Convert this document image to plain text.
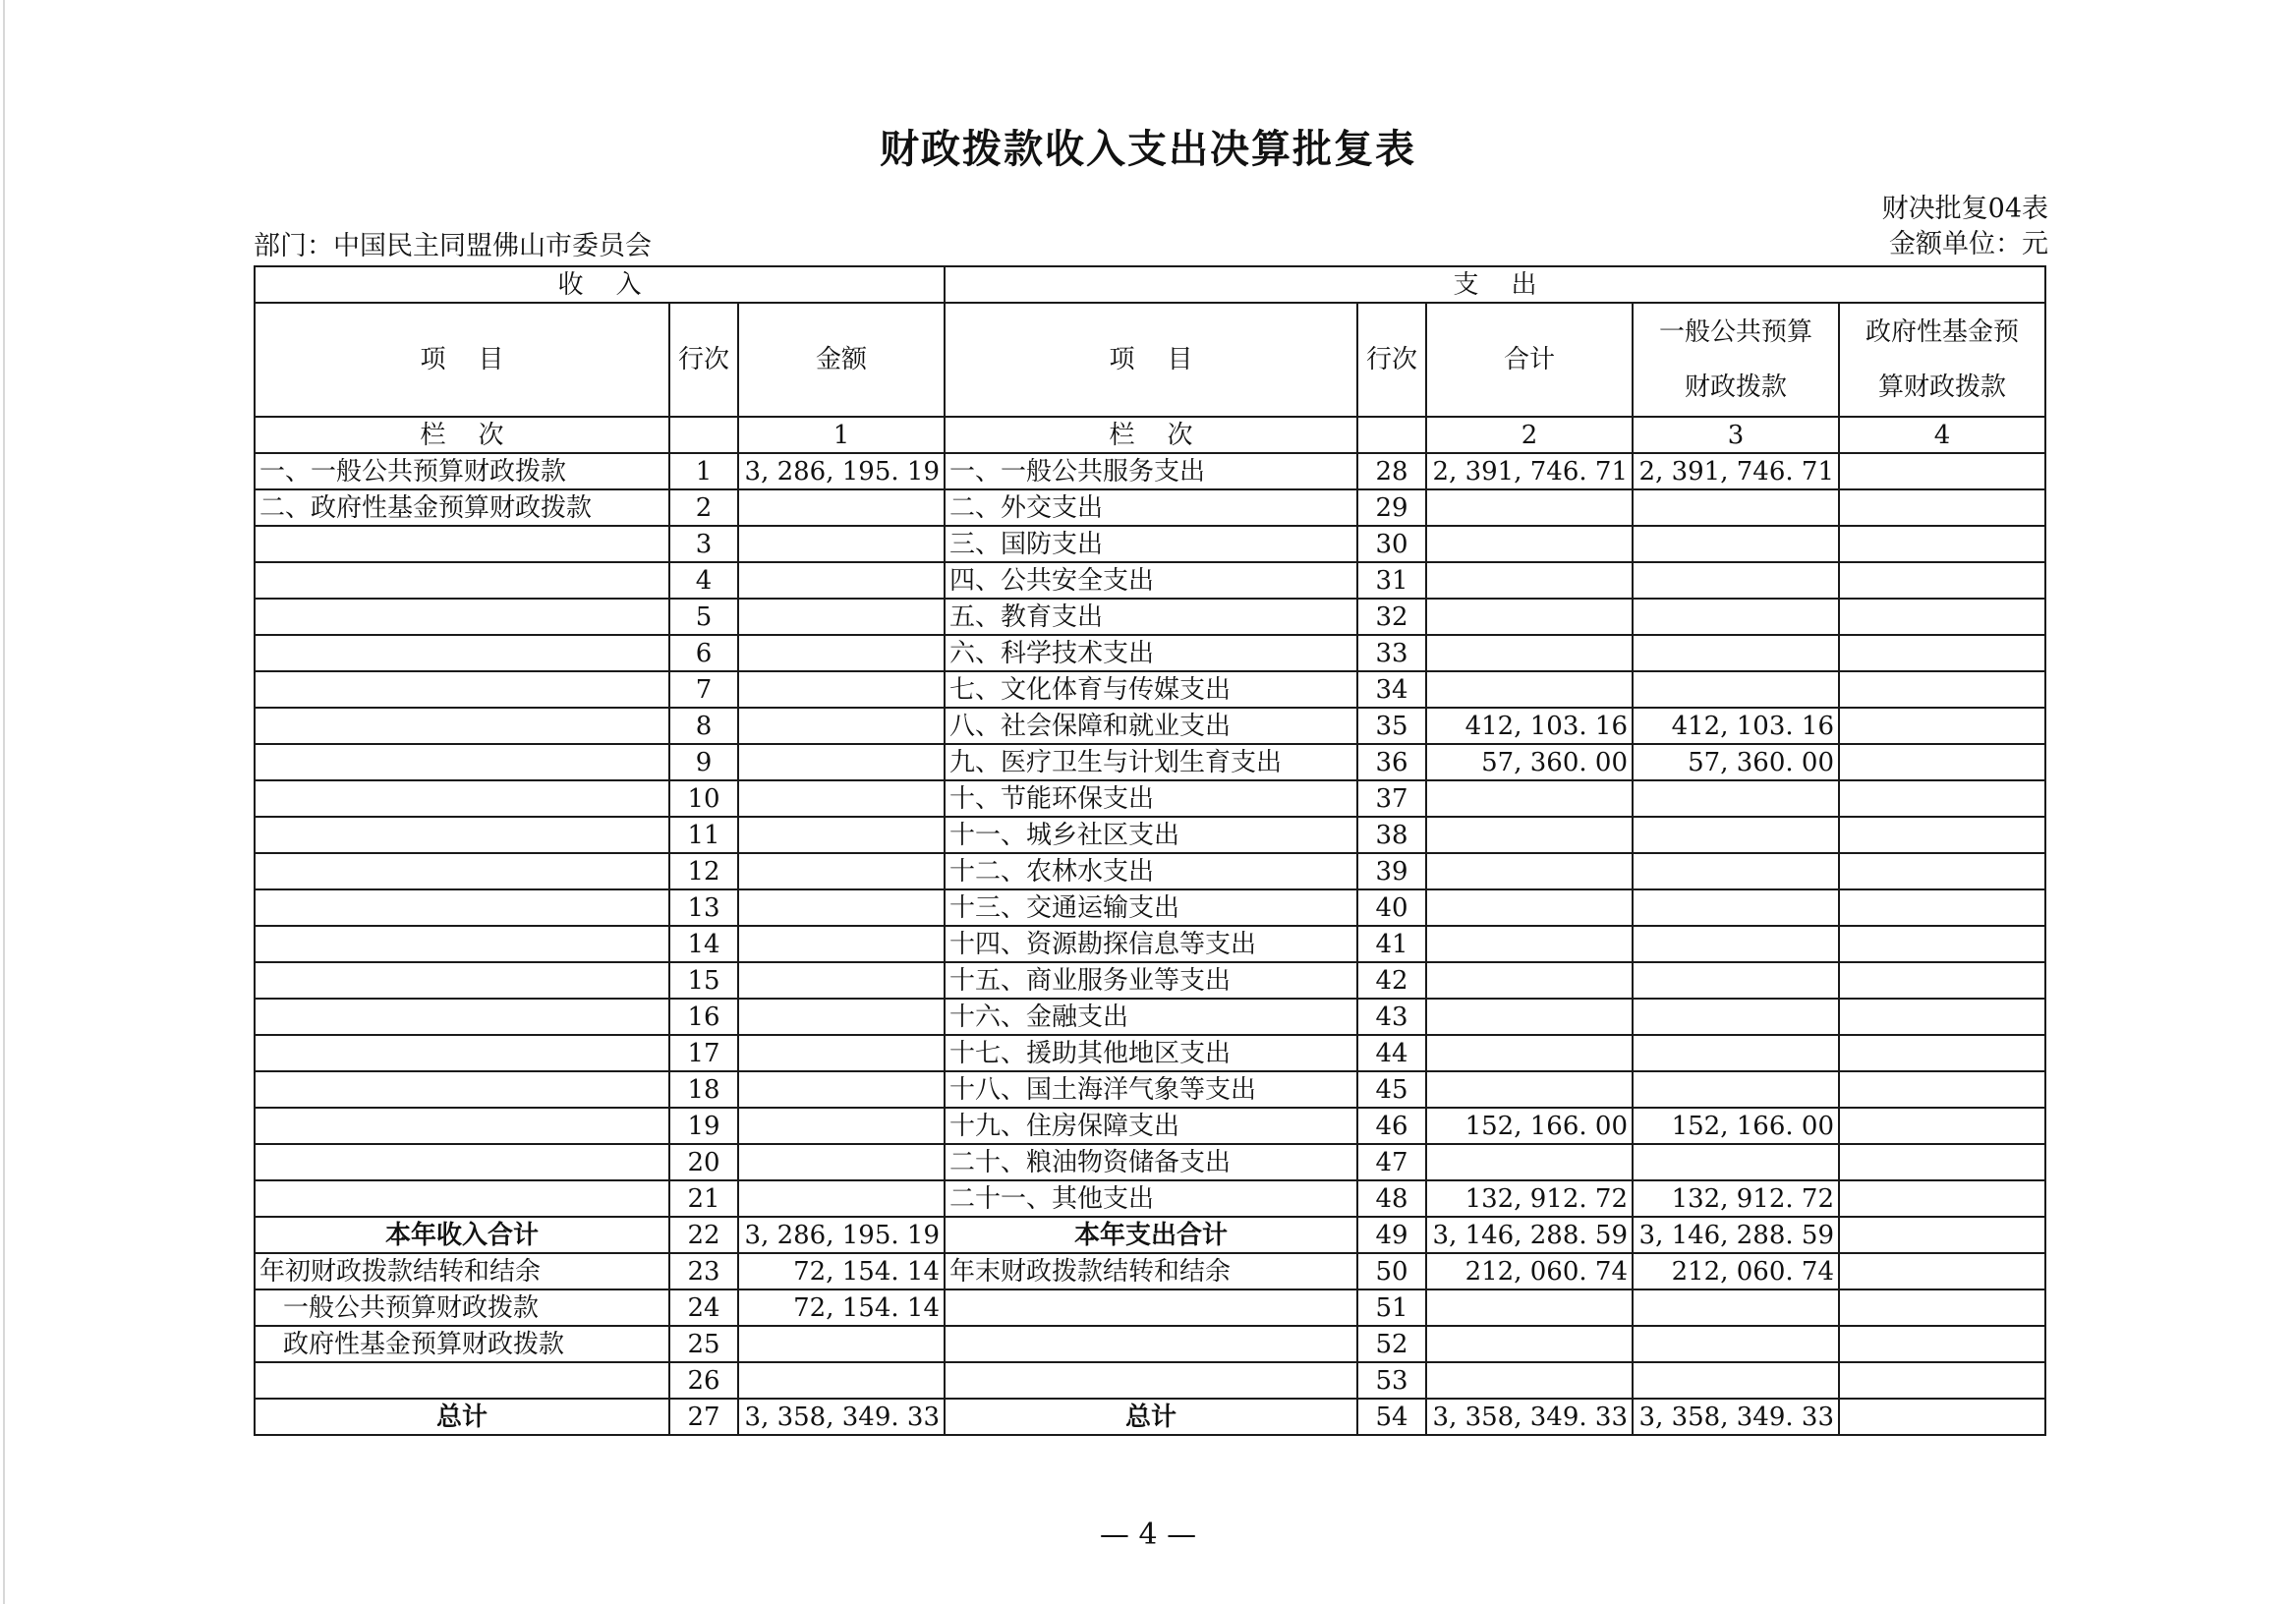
财政拨款收入支出决算批复表
财决批复04表
部门：中国民主同盟佛山市委员会	金额单位：元
收    入			支    出				
项    目	行次	金额	项    目	行次	合计	一般公共预算财政拨款	政府性基金预算财政拨款
栏    次		1	栏    次		2	3	4
一、一般公共预算财政拨款	1	3, 286, 195. 19	一、一般公共服务支出	28	2, 391, 746. 71	2, 391, 746. 71	
二、政府性基金预算财政拨款	2		二、外交支出	29			
	3		三、国防支出	30			
	4		四、公共安全支出	31			
	5		五、教育支出	32			
	6		六、科学技术支出	33			
	7		七、文化体育与传媒支出	34			
	8		八、社会保障和就业支出	35	412, 103. 16	412, 103. 16	
	9		九、医疗卫生与计划生育支出	36	57, 360. 00	57, 360. 00	
	10		十、节能环保支出	37			
	11		十一、城乡社区支出	38			
	12		十二、农林水支出	39			
	13		十三、交通运输支出	40			
	14		十四、资源勘探信息等支出	41			
	15		十五、商业服务业等支出	42			
	16		十六、金融支出	43			
	17		十七、援助其他地区支出	44			
	18		十八、国土海洋气象等支出	45			
	19		十九、住房保障支出	46	152, 166. 00	152, 166. 00	
	20		二十、粮油物资储备支出	47			
	21		二十一、其他支出	48	132, 912. 72	132, 912. 72	
本年收入合计	22	3, 286, 195. 19	本年支出合计	49	3, 146, 288. 59	3, 146, 288. 59	
年初财政拨款结转和结余	23	72, 154. 14	年末财政拨款结转和结余	50	212, 060. 74	212, 060. 74	
一般公共预算财政拨款	24	72, 154. 14		51			
政府性基金预算财政拨款	25			52			
	26			53			
总计	27	3, 358, 349. 33	总计	54	3, 358, 349. 33	3, 358, 349. 33	
— 4 —
